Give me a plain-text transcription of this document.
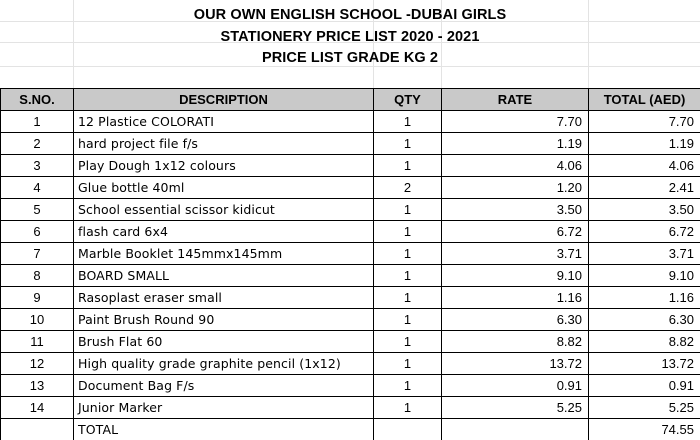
OUR OWN ENGLISH SCHOOL -DUBAI GIRLS
STATIONERY PRICE LIST 2020 - 2021
PRICE LIST GRADE KG 2
S.NO.	DESCRIPTION	QTY	RATE	TOTAL (AED)
1	12 Plastice COLORATI	1	7.70	7.70
2	hard project file f/s	1	1.19	1.19
3	Play Dough 1x12 colours	1	4.06	4.06
4	Glue bottle 40ml	2	1.20	2.41
5	School essential scissor kidicut	1	3.50	3.50
6	flash card 6x4	1	6.72	6.72
7	Marble Booklet 145mmx145mm	1	3.71	3.71
8	BOARD SMALL	1	9.10	9.10
9	Rasoplast eraser small	1	1.16	1.16
10	Paint Brush Round 90	1	6.30	6.30
11	Brush Flat 60	1	8.82	8.82
12	High quality grade graphite pencil (1x12)	1	13.72	13.72
13	Document Bag F/s	1	0.91	0.91
14	Junior Marker	1	5.25	5.25
	TOTAL			74.55
